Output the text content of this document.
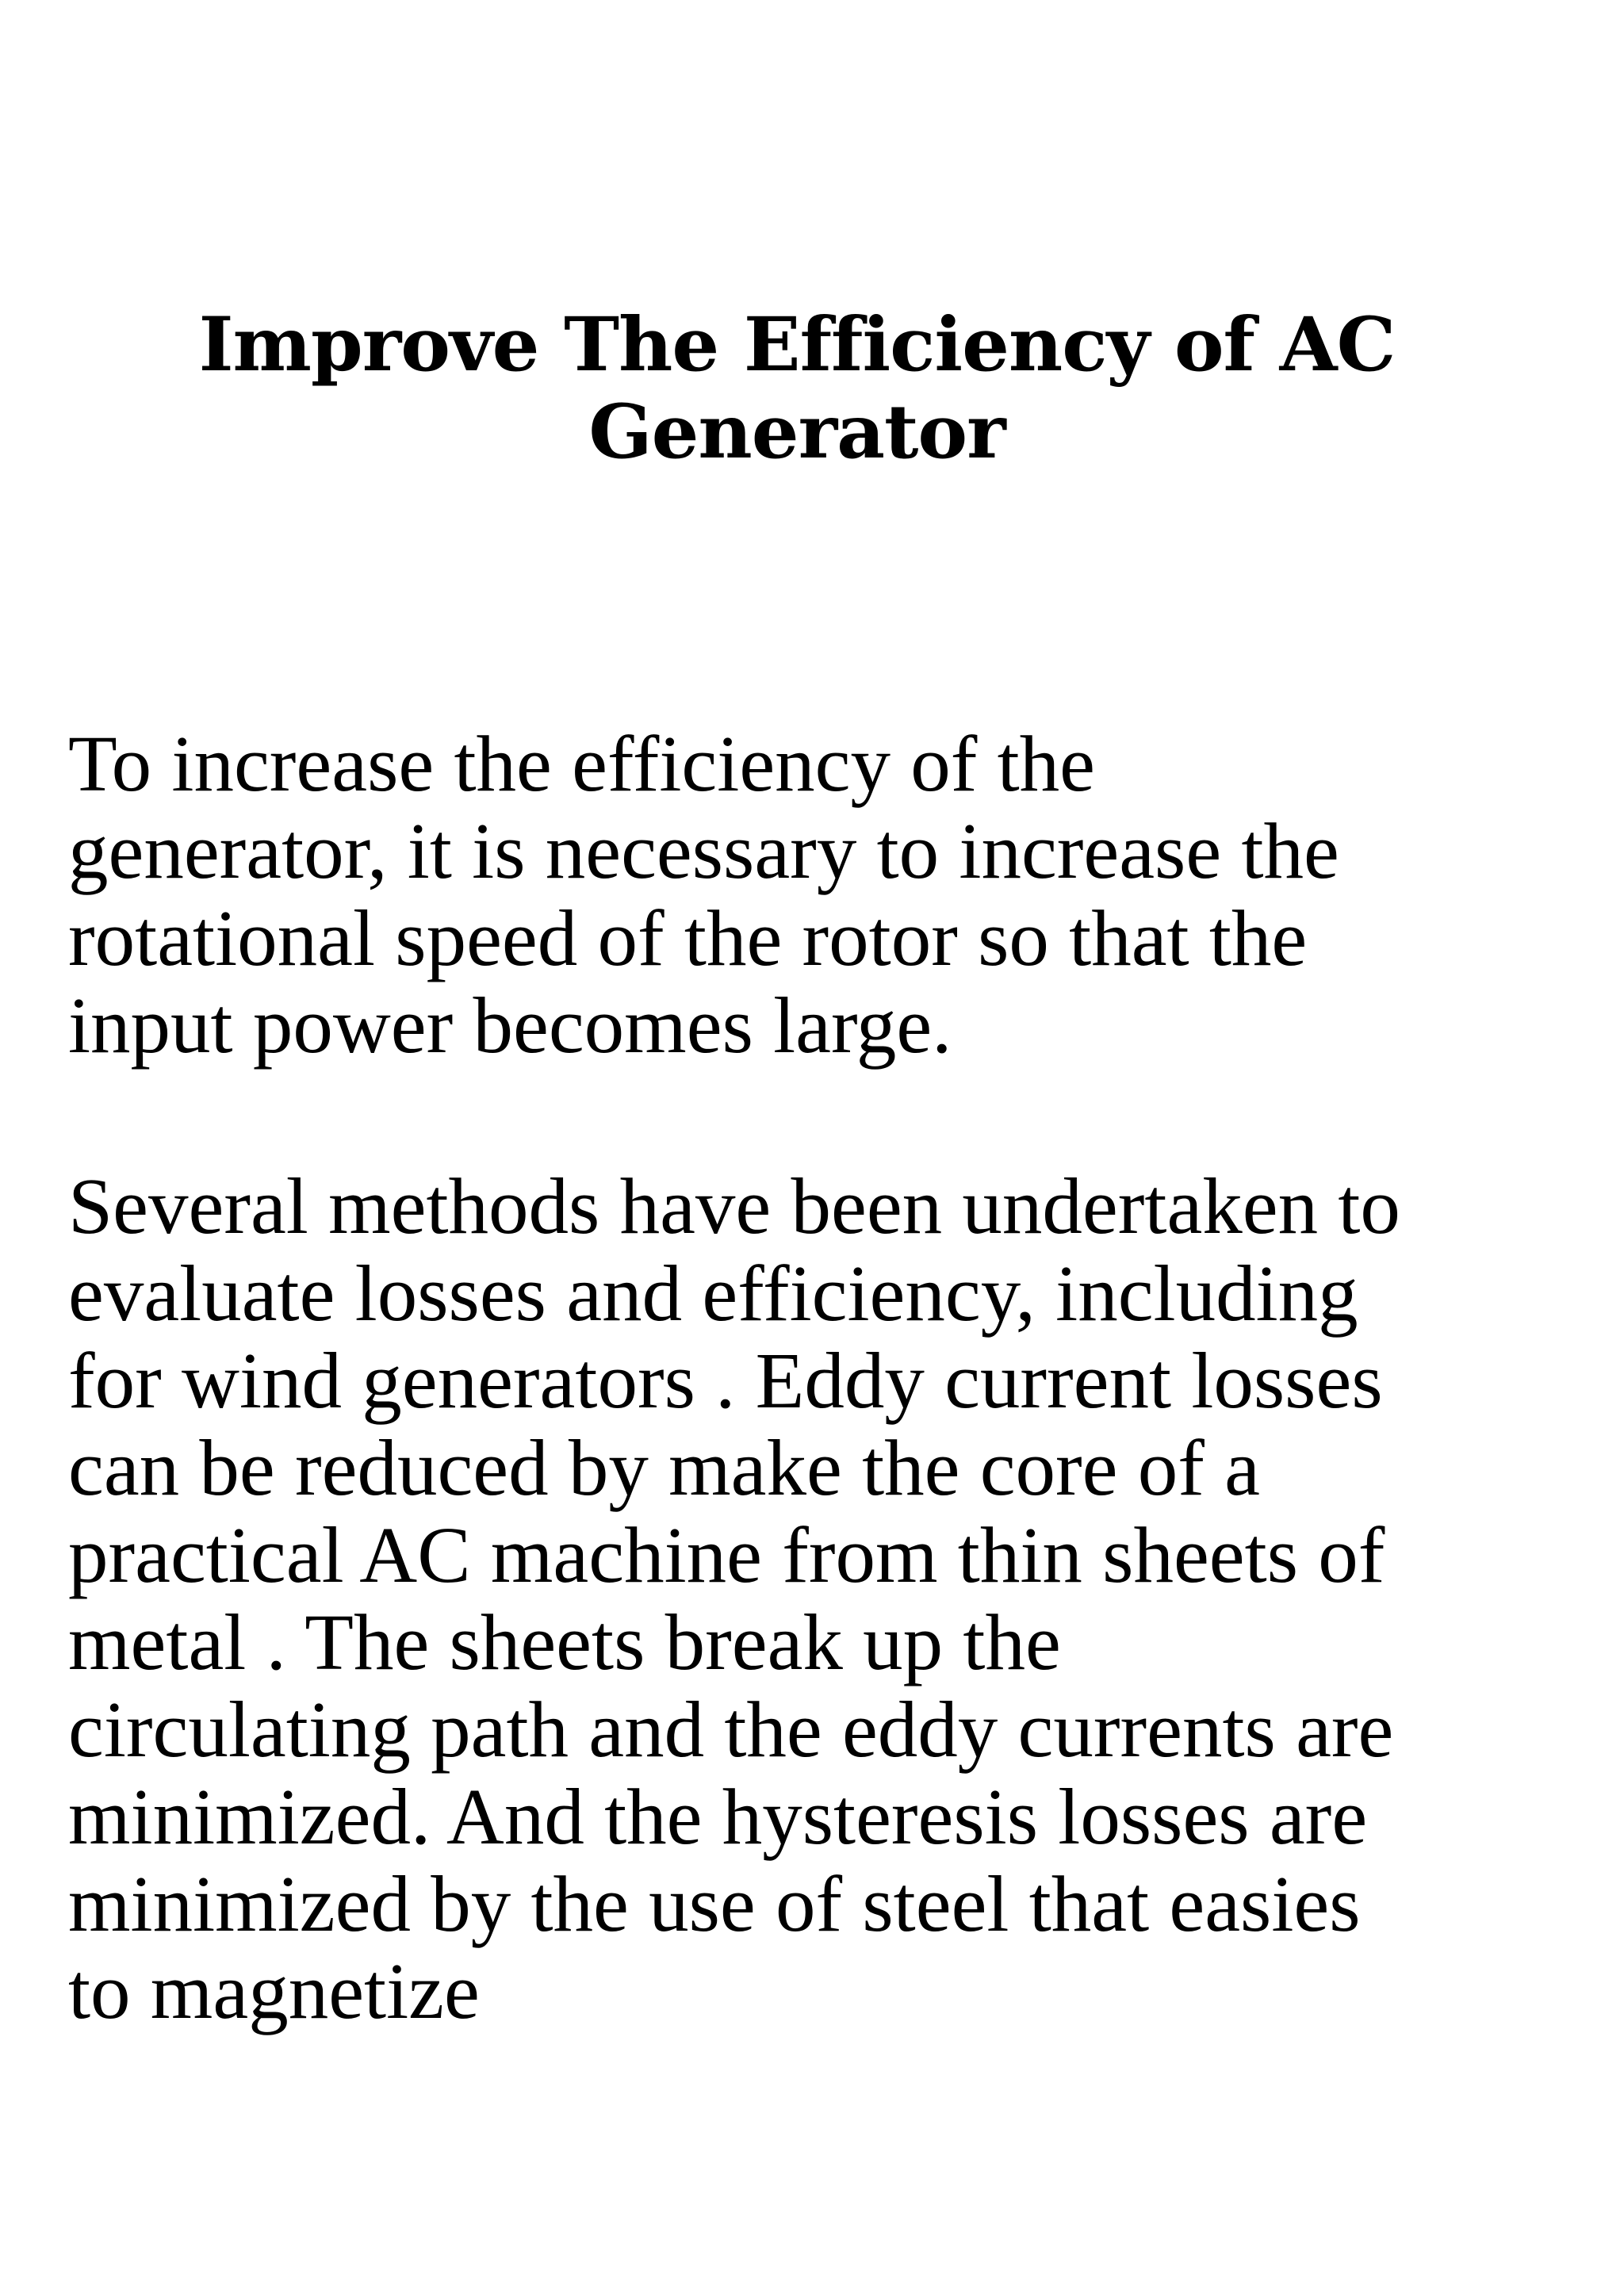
Improve The Efficiency of AC
Generator

To increase the efficiency of the
generator, it is necessary to increase the
rotational speed of the rotor so that the
input power becomes large.

Several methods have been undertaken to
evaluate losses and efficiency, including
for wind generators . Eddy current losses
can be reduced by make the core of a
practical AC machine from thin sheets of
metal . The sheets break up the
circulating path and the eddy currents are
minimized. And the hysteresis losses are
minimized by the use of steel that easies
to magnetize
